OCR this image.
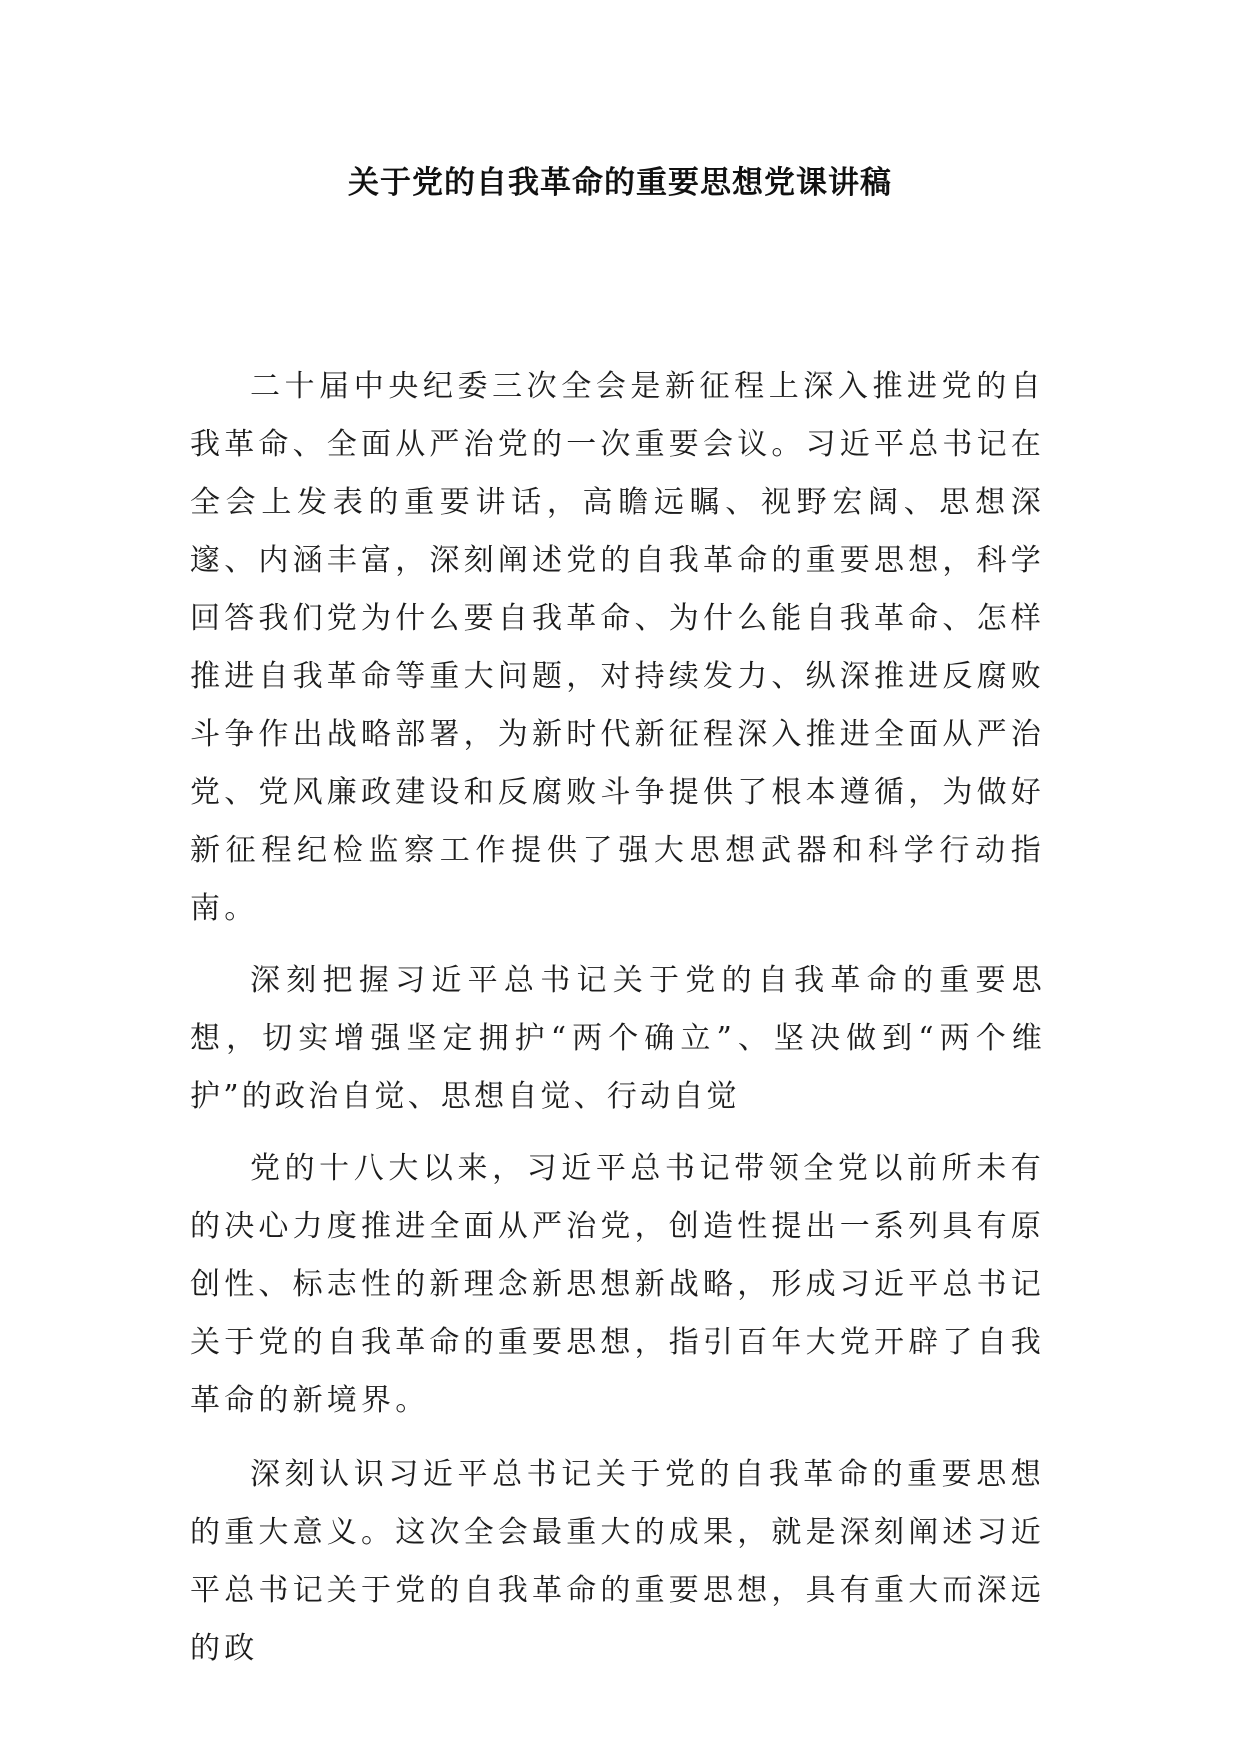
关于党的自我革命的重要思想党课讲稿

二十届中央纪委三次全会是新征程上深入推进党的自我革命、全面从严治党的一次重要会议。习近平总书记在全会上发表的重要讲话，高瞻远瞩、视野宏阔、思想深邃、内涵丰富，深刻阐述党的自我革命的重要思想，科学回答我们党为什么要自我革命、为什么能自我革命、怎样推进自我革命等重大问题，对持续发力、纵深推进反腐败斗争作出战略部署，为新时代新征程深入推进全面从严治党、党风廉政建设和反腐败斗争提供了根本遵循，为做好新征程纪检监察工作提供了强大思想武器和科学行动指南。

深刻把握习近平总书记关于党的自我革命的重要思想，切实增强坚定拥护“两个确立”、坚决做到“两个维护”的政治自觉、思想自觉、行动自觉

党的十八大以来，习近平总书记带领全党以前所未有的决心力度推进全面从严治党，创造性提出一系列具有原创性、标志性的新理念新思想新战略，形成习近平总书记关于党的自我革命的重要思想，指引百年大党开辟了自我革命的新境界。

深刻认识习近平总书记关于党的自我革命的重要思想的重大意义。这次全会最重大的成果，就是深刻阐述习近平总书记关于党的自我革命的重要思想，具有重大而深远的政
